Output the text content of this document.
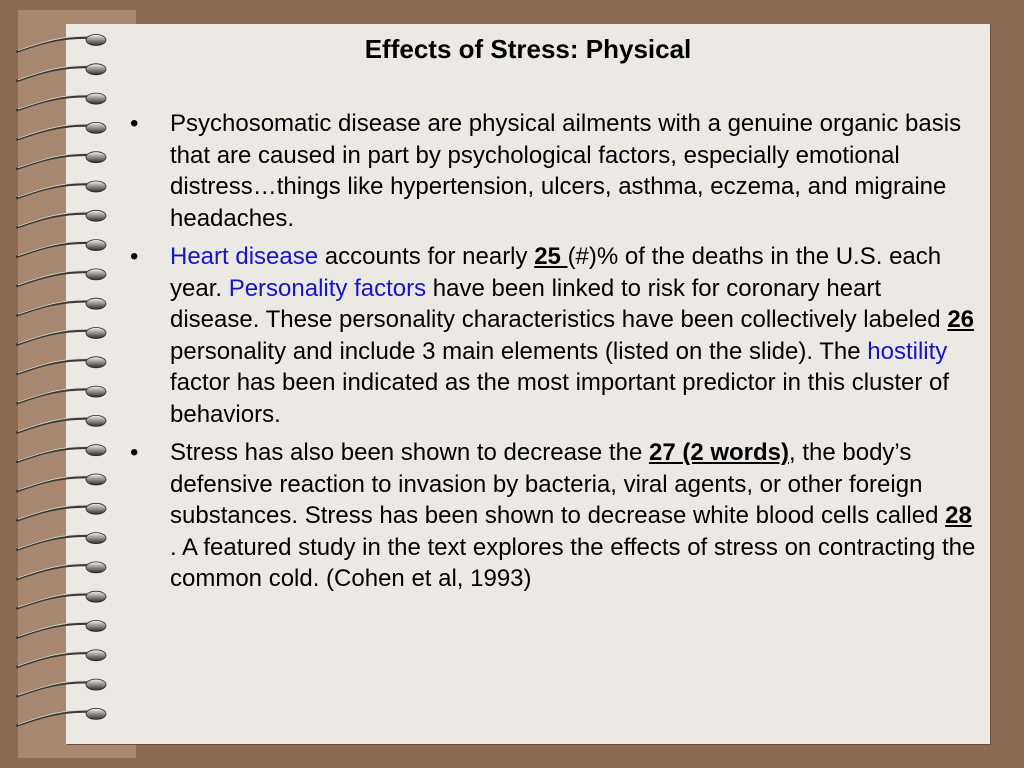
Effects of Stress: Physical
• Psychosomatic disease are physical ailments with a genuine organic basis that are caused in part by psychological factors, especially emotional distress…things like hypertension, ulcers, asthma, eczema, and migraine headaches.
• Heart disease accounts for nearly 25 (#)% of the deaths in the U.S. each year. Personality factors have been linked to risk for coronary heart disease. These personality characteristics have been collectively labeled 26 personality and include 3 main elements (listed on the slide). The hostility factor has been indicated as the most important predictor in this cluster of behaviors.
• Stress has also been shown to decrease the 27 (2 words), the body’s defensive reaction to invasion by bacteria, viral agents, or other foreign substances. Stress has been shown to decrease white blood cells called 28 . A featured study in the text explores the effects of stress on contracting the common cold. (Cohen et al, 1993)
